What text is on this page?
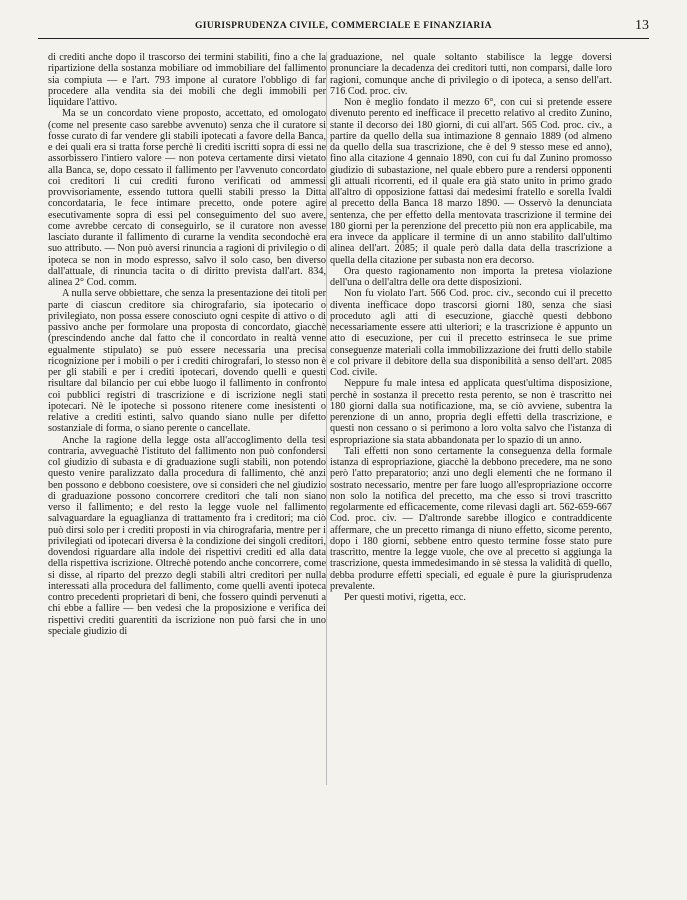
GIURISPRUDENZA CIVILE, COMMERCIALE E FINANZIARIA	13

di crediti anche dopo il trascorso dei termini stabiliti, fino a che la ripartizione della sostanza mobiliare od immobiliare del fallimento sia compiuta — e l'art. 793 impone al curatore l'obbligo di far procedere alla vendita sia dei mobili che degli immobili per liquidare l'attivo.

Ma se un concordato viene proposto, accettato, ed omologato (come nel presente caso sarebbe avvenuto) senza che il curatore si fosse curato di far vendere gli stabili ipotecati a favore della Banca, e dei quali era si tratta forse perchè li crediti iscritti sopra di essi ne assorbissero l'intiero valore — non poteva certamente dirsi vietato alla Banca, se, dopo cessato il fallimento per l'avvenuto concordato coi creditori li cui crediti furono verificati od ammessi provvisoriamente, essendo tuttora quelli stabili presso la Ditta concordataria, le fece intimare precetto, onde potere agire esecutivamente sopra di essi pel conseguimento del suo avere, come avrebbe cercato di conseguirlo, se il curatore non avesse lasciato durante il fallimento di curarne la vendita secondochè era suo attributo. — Non può aversi rinuncia a ragioni di privilegio o di ipoteca se non in modo espresso, salvo il solo caso, ben diverso dall'attuale, di rinuncia tacita o di diritto prevista dall'art. 834, alinea 2° Cod. comm.

A nulla serve obbiettare, che senza la presentazione dei titoli per parte di ciascun creditore sia chirografario, sia ipotecario o privilegiato, non possa essere conosciuto ogni cespite di attivo o di passivo anche per formolare una proposta di concordato, giacchè (prescindendo anche dal fatto che il concordato in realtà venne egualmente stipulato) se può essere necessaria una precisa ricognizione per i mobili o per i crediti chirografari, lo stesso non è per gli stabili e per i crediti ipotecari, dovendo quelli e questi risultare dal bilancio per cui ebbe luogo il fallimento in confronto coi pubblici registri di trascrizione e di iscrizione negli stati ipotecari. Nè le ipoteche si possono ritenere come inesistenti o relative a crediti estinti, salvo quando siano nulle per difetto sostanziale di forma, o siano perente o cancellate.

Anche la ragione della legge osta all'accoglimento della tesi contraria, avveguachè l'istituto del fallimento non può confondersi col giudizio di subasta e di graduazione sugli stabili, non potendo questo venire paralizzato dalla procedura di fallimento, chè anzi ben possono e debbono coesistere, ove si consideri che nel giudizio di graduazione possono concorrere creditori che tali non siano verso il fallimento; e del resto la legge vuole nel fallimento salvaguardare la eguaglianza di trattamento fra i creditori; ma ciò può dirsi solo per i crediti proposti in via chirografaria, mentre per i privilegiati od ipotecari diversa è la condizione dei singoli creditori, dovendosi riguardare alla indole dei rispettivi crediti ed alla data della rispettiva iscrizione. Oltrechè potendo anche concorrere, come si disse, al riparto del prezzo degli stabili altri creditori per nulla interessati alla procedura del fallimento, come quelli aventi ipoteca contro precedenti proprietari di beni, che fossero quindi pervenuti a chi ebbe a fallire — ben vedesi che la proposizione e verifica dei rispettivi crediti guarentiti da iscrizione non può farsi che in uno speciale giudizio di

graduazione, nel quale soltanto stabilisce la legge doversi pronunciare la decadenza dei creditori tutti, non comparsi, dalle loro ragioni, comunque anche di privilegio o di ipoteca, a senso dell'art. 716 Cod. proc. civ.

Non è meglio fondato il mezzo 6°, con cui si pretende essere divenuto perento ed inefficace il precetto relativo al credito Zunino, stante il decorso dei 180 giorni, di cui all'art. 565 Cod. proc. civ., a partire da quello della sua intimazione 8 gennaio 1889 (od almeno da quello della sua trascrizione, che è del 9 stesso mese ed anno), fino alla citazione 4 gennaio 1890, con cui fu dal Zunino promosso giudizio di subastazione, nel quale ebbero pure a rendersi opponenti gli attuali ricorrenti, ed il quale era già stato unito in primo grado all'altro di opposizione fattasi dai medesimi fratello e sorella Ivaldi al precetto della Banca 18 marzo 1890. — Osservò la denunciata sentenza, che per effetto della mentovata trascrizione il termine dei 180 giorni per la perenzione del precetto più non era applicabile, ma era invece da applicare il termine di un anno stabilito dall'ultimo alinea dell'art. 2085; il quale però dalla data della trascrizione a quella della citazione per subasta non era decorso.

Ora questo ragionamento non importa la pretesa violazione dell'una o dell'altra delle ora dette disposizioni.

Non fu violato l'art. 566 Cod. proc. civ., secondo cui il precetto diventa inefficace dopo trascorsi giorni 180, senza che siasi proceduto agli atti di esecuzione, giacchè questi debbono necessariamente essere atti ulteriori; e la trascrizione è appunto un atto di esecuzione, per cui il precetto estrinseca le sue prime conseguenze materiali colla immobilizzazione dei frutti dello stabile e col privare il debitore della sua disponibilità a senso dell'art. 2085 Cod. civile.

Neppure fu male intesa ed applicata quest'ultima disposizione, perchè in sostanza il precetto resta perento, se non è trascritto nei 180 giorni dalla sua notificazione, ma, se ciò avviene, subentra la perenzione di un anno, propria degli effetti della trascrizione, e questi non cessano o si perimono a loro volta salvo che l'istanza di espropriazione sia stata abbandonata per lo spazio di un anno.

Tali effetti non sono certamente la conseguenza della formale istanza di espropriazione, giacchè la debbono precedere, ma ne sono però l'atto preparatorio; anzi uno degli elementi che ne formano il sostrato necessario, mentre per fare luogo all'espropriazione occorre non solo la notifica del precetto, ma che esso si trovi trascritto regolarmente ed efficacemente, come rilevasi dagli art. 562-659-667 Cod. proc. civ. — D'altronde sarebbe illogico e contraddicente affermare, che un precetto rimanga di niuno effetto, sicome perento, dopo i 180 giorni, sebbene entro questo termine fosse stato pure trascritto, mentre la legge vuole, che ove al precetto si aggiunga la trascrizione, questa immedesimando in sè stessa la validità di quello, debba produrre effetti speciali, ed eguale è pure la giurisprudenza prevalente.

Per questi motivi, rigetta, ecc.
